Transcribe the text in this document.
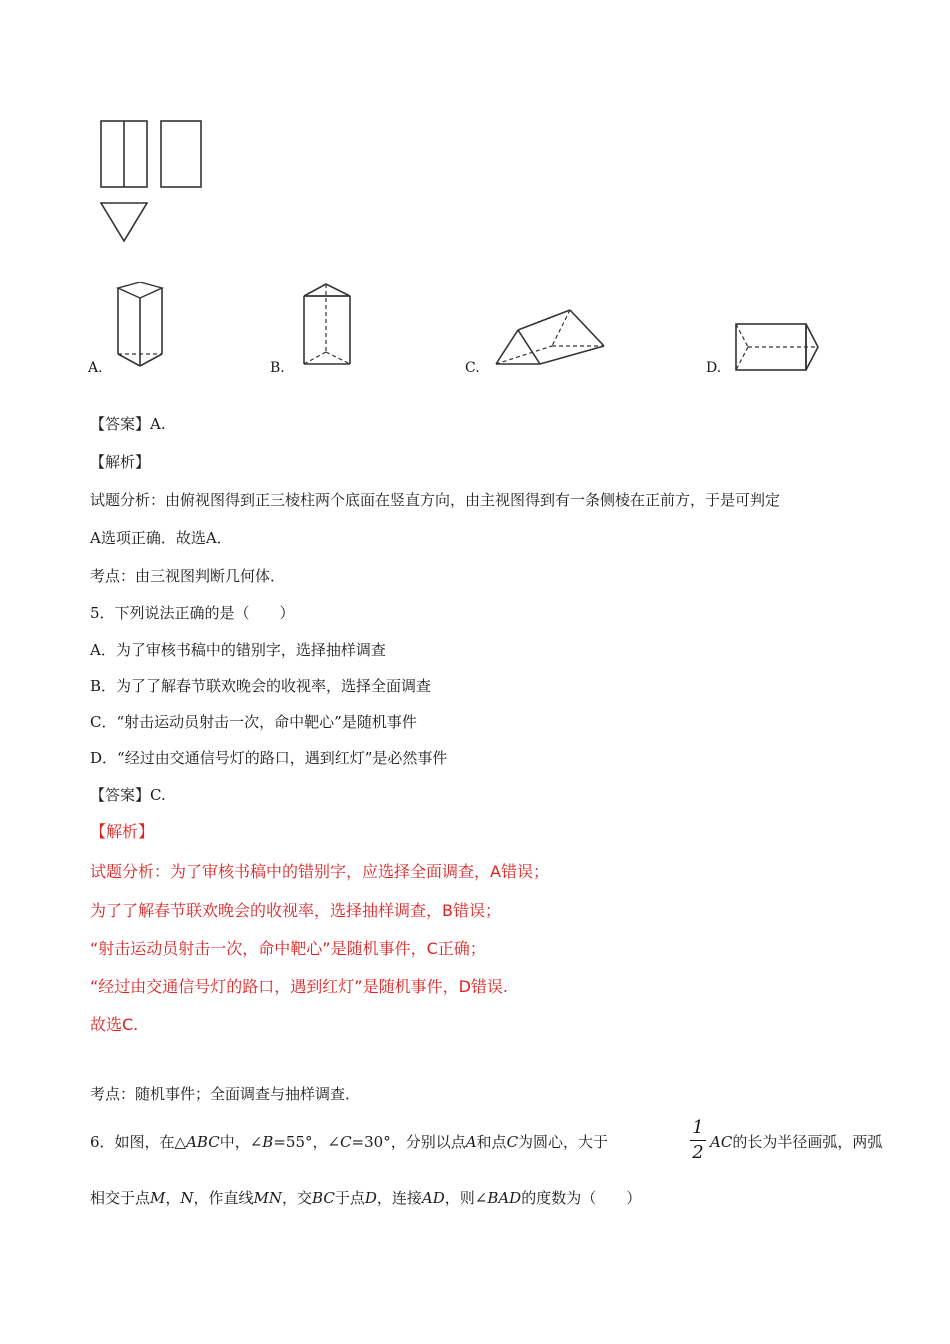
A.	B.	C.	D.
【答案】A.
【解析】
试题分析：由俯视图得到正三棱柱两个底面在竖直方向，由主视图得到有一条侧棱在正前方，于是可判定
A选项正确．故选A．
考点：由三视图判断几何体．
5．下列说法正确的是（　　）
A．为了审核书稿中的错别字，选择抽样调查
B．为了了解春节联欢晚会的收视率，选择全面调查
C．“射击运动员射击一次，命中靶心”是随机事件
D．“经过由交通信号灯的路口，遇到红灯”是必然事件
【答案】C.
【解析】
试题分析：为了审核书稿中的错别字，应选择全面调查，A错误；
为了了解春节联欢晚会的收视率，选择抽样调查，B错误；
“射击运动员射击一次，命中靶心”是随机事件，C正确；
“经过由交通信号灯的路口，遇到红灯”是随机事件，D错误.
故选C.
考点：随机事件；全面调查与抽样调查．
6．如图，在△ABC中，∠B=55°，∠C=30°，分别以点A和点C为圆心，大于
1
2 AC的长为半径画弧，两弧
相交于点M，N，作直线MN，交BC于点D，连接AD，则∠BAD的度数为（　　）
